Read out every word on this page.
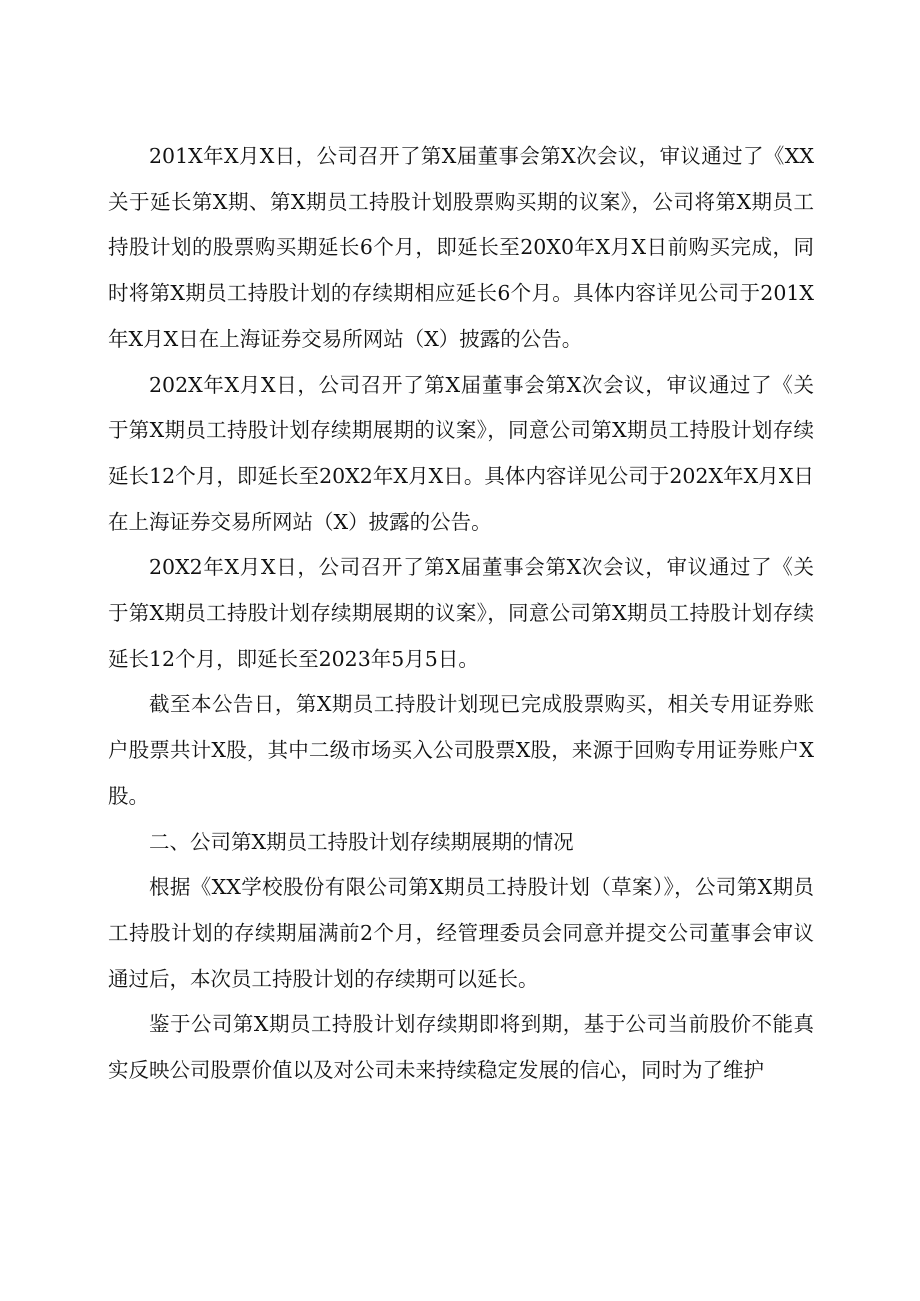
201X年X月X日，公司召开了第X届董事会第X次会议，审议通过了《XX关于延长第X期、第X期员工持股计划股票购买期的议案》，公司将第X期员工持股计划的股票购买期延长6个月，即延长至20X0年X月X日前购买完成，同时将第X期员工持股计划的存续期相应延长6个月。具体内容详见公司于201X年X月X日在上海证券交易所网站（X）披露的公告。

202X年X月X日，公司召开了第X届董事会第X次会议，审议通过了《关于第X期员工持股计划存续期展期的议案》，同意公司第X期员工持股计划存续延长12个月，即延长至20X2年X月X日。具体内容详见公司于202X年X月X日在上海证券交易所网站（X）披露的公告。

20X2年X月X日，公司召开了第X届董事会第X次会议，审议通过了《关于第X期员工持股计划存续期展期的议案》，同意公司第X期员工持股计划存续延长12个月，即延长至2023年5月5日。

截至本公告日，第X期员工持股计划现已完成股票购买，相关专用证券账户股票共计X股，其中二级市场买入公司股票X股，来源于回购专用证券账户X股。

二、公司第X期员工持股计划存续期展期的情况

根据《XX学校股份有限公司第X期员工持股计划（草案）》，公司第X期员工持股计划的存续期届满前2个月，经管理委员会同意并提交公司董事会审议通过后，本次员工持股计划的存续期可以延长。

鉴于公司第X期员工持股计划存续期即将到期，基于公司当前股价不能真实反映公司股票价值以及对公司未来持续稳定发展的信心，同时为了维护
